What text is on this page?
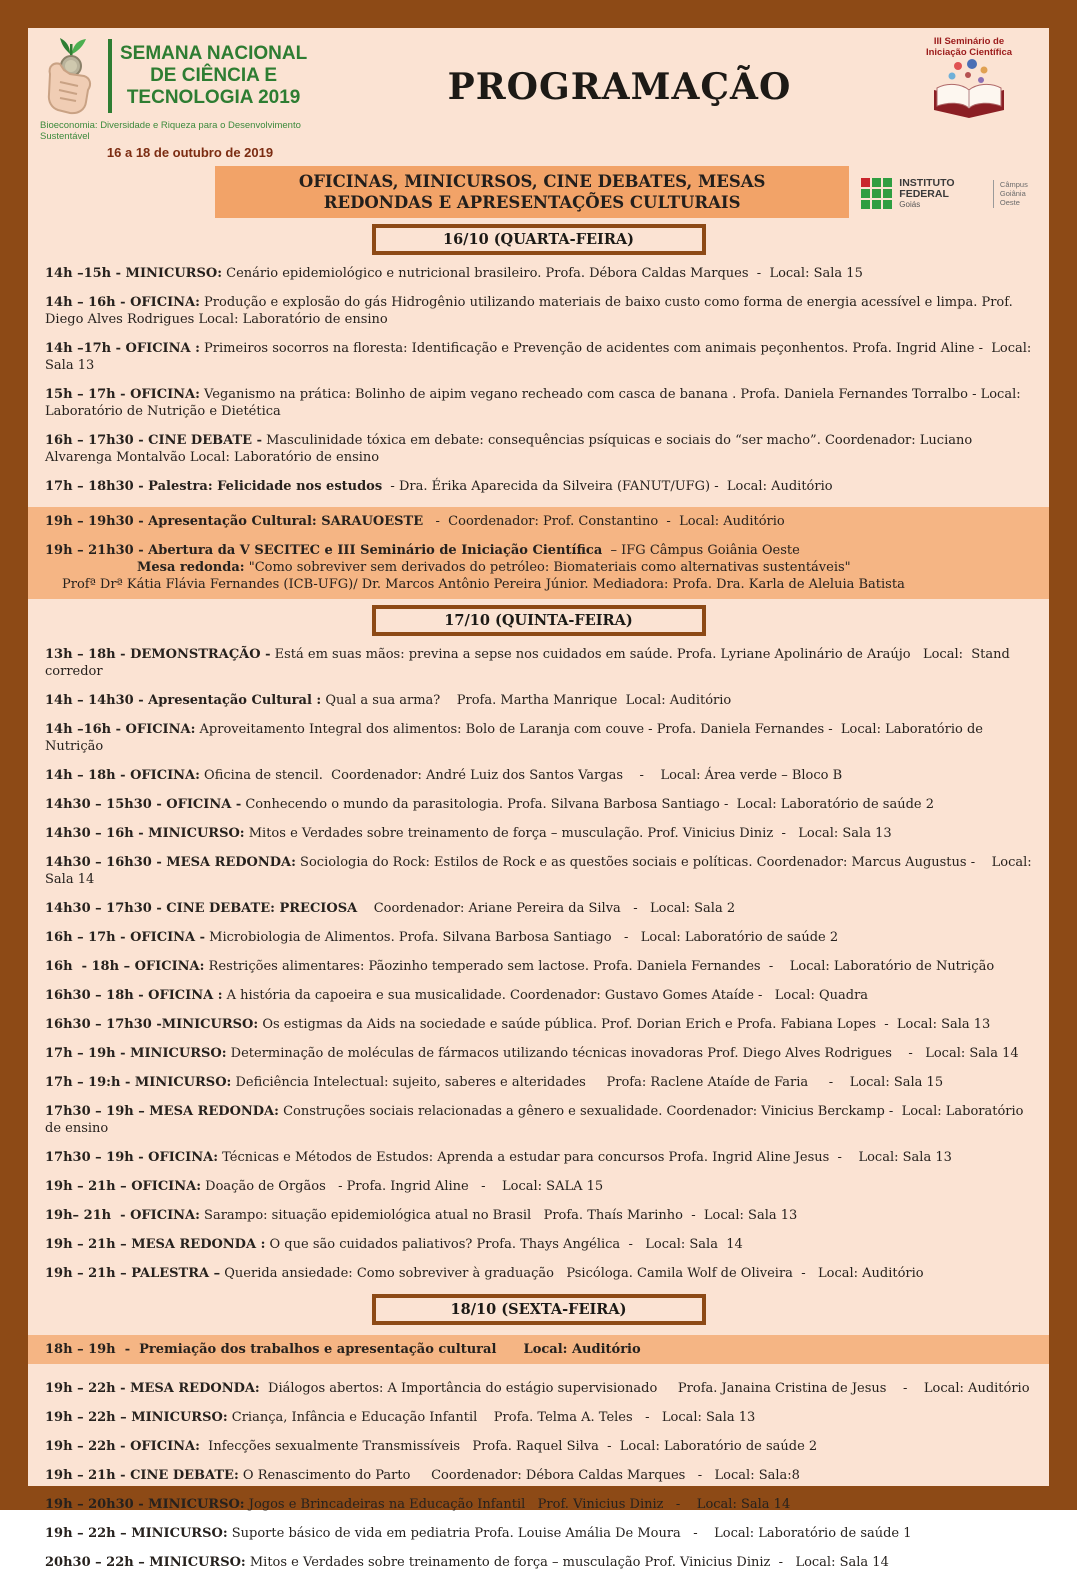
SEMANA NACIONAL
DE CIÊNCIA E
TECNOLOGIA 2019
Bioeconomia: Diversidade e Riqueza para o Desenvolvimento Sustentável
16 a 18 de outubro de 2019
PROGRAMAÇÃO
III Seminário de
Iniciação Científica
OFICINAS, MINICURSOS, CINE DEBATES, MESAS REDONDAS E APRESENTAÇÕES CULTURAIS
INSTITUTO FEDERAL
Goiás
Câmpus
Goiânia Oeste
16/10 (QUARTA-FEIRA)
14h –15h - MINICURSO: Cenário epidemiológico e nutricional brasileiro. Profa. Débora Caldas Marques  -  Local: Sala 15
14h – 16h - OFICINA: Produção e explosão do gás Hidrogênio utilizando materiais de baixo custo como forma de energia acessível e limpa. Prof. Diego Alves Rodrigues Local: Laboratório de ensino
14h –17h - OFICINA : Primeiros socorros na floresta: Identificação e Prevenção de acidentes com animais peçonhentos. Profa. Ingrid Aline -  Local: Sala 13
15h – 17h - OFICINA: Veganismo na prática: Bolinho de aipim vegano recheado com casca de banana . Profa. Daniela Fernandes Torralbo - Local: Laboratório de Nutrição e Dietética
16h – 17h30 - CINE DEBATE - Masculinidade tóxica em debate: consequências psíquicas e sociais do “ser macho”. Coordenador: Luciano Alvarenga Montalvão Local: Laboratório de ensino
17h – 18h30 - Palestra: Felicidade nos estudos  - Dra. Érika Aparecida da Silveira (FANUT/UFG) -  Local: Auditório
19h – 19h30 - Apresentação Cultural: SARAUOESTE   -  Coordenador: Prof. Constantino  -  Local: Auditório
19h – 21h30 - Abertura da V SECITEC e III Seminário de Iniciação Científica  – IFG Câmpus Goiânia Oeste
Mesa redonda: "Como sobreviver sem derivados do petróleo: Biomateriais como alternativas sustentáveis"
Profª Drª Kátia Flávia Fernandes (ICB-UFG)/ Dr. Marcos Antônio Pereira Júnior. Mediadora: Profa. Dra. Karla de Aleluia Batista
17/10 (QUINTA-FEIRA)
13h – 18h - DEMONSTRAÇÃO - Está em suas mãos: previna a sepse nos cuidados em saúde. Profa. Lyriane Apolinário de Araújo   Local:  Stand  corredor
14h – 14h30 - Apresentação Cultural : Qual a sua arma?    Profa. Martha Manrique  Local: Auditório
14h –16h - OFICINA: Aproveitamento Integral dos alimentos: Bolo de Laranja com couve - Profa. Daniela Fernandes -  Local: Laboratório de Nutrição
14h – 18h - OFICINA: Oficina de stencil.  Coordenador: André Luiz dos Santos Vargas    -    Local: Área verde – Bloco B
14h30 – 15h30 - OFICINA - Conhecendo o mundo da parasitologia. Profa. Silvana Barbosa Santiago -  Local: Laboratório de saúde 2
14h30 – 16h - MINICURSO: Mitos e Verdades sobre treinamento de força – musculação. Prof. Vinicius Diniz  -   Local: Sala 13
14h30 – 16h30 - MESA REDONDA: Sociologia do Rock: Estilos de Rock e as questões sociais e políticas. Coordenador: Marcus Augustus -    Local: Sala 14
14h30 – 17h30 - CINE DEBATE: PRECIOSA    Coordenador: Ariane Pereira da Silva   -   Local: Sala 2
16h – 17h - OFICINA - Microbiologia de Alimentos. Profa. Silvana Barbosa Santiago   -   Local: Laboratório de saúde 2
16h  - 18h – OFICINA: Restrições alimentares: Pãozinho temperado sem lactose. Profa. Daniela Fernandes  -    Local: Laboratório de Nutrição
16h30 – 18h - OFICINA : A história da capoeira e sua musicalidade. Coordenador: Gustavo Gomes Ataíde -   Local: Quadra
16h30 – 17h30 -MINICURSO: Os estigmas da Aids na sociedade e saúde pública. Prof. Dorian Erich e Profa. Fabiana Lopes  -  Local: Sala 13
17h – 19h - MINICURSO: Determinação de moléculas de fármacos utilizando técnicas inovadoras Prof. Diego Alves Rodrigues    -   Local: Sala 14
17h – 19:h - MINICURSO: Deficiência Intelectual: sujeito, saberes e alteridades     Profa: Raclene Ataíde de Faria     -    Local: Sala 15
17h30 – 19h – MESA REDONDA: Construções sociais relacionadas a gênero e sexualidade. Coordenador: Vinicius Berckamp -  Local: Laboratório de ensino
17h30 – 19h - OFICINA: Técnicas e Métodos de Estudos: Aprenda a estudar para concursos Profa. Ingrid Aline Jesus  -    Local: Sala 13
19h – 21h – OFICINA: Doação de Orgãos   - Profa. Ingrid Aline   -    Local: SALA 15
19h– 21h  - OFICINA: Sarampo: situação epidemiológica atual no Brasil   Profa. Thaís Marinho  -  Local: Sala 13
19h – 21h – MESA REDONDA : O que são cuidados paliativos? Profa. Thays Angélica  -   Local: Sala  14
19h – 21h – PALESTRA – Querida ansiedade: Como sobreviver à graduação   Psicóloga. Camila Wolf de Oliveira  -   Local: Auditório
18/10 (SEXTA-FEIRA)
18h – 19h  -  Premiação dos trabalhos e apresentação cultural      Local: Auditório
19h – 22h - MESA REDONDA:  Diálogos abertos: A Importância do estágio supervisionado     Profa. Janaina Cristina de Jesus    -    Local: Auditório
19h – 22h – MINICURSO: Criança, Infância e Educação Infantil    Profa. Telma A. Teles   -   Local: Sala 13
19h – 22h - OFICINA:  Infecções sexualmente Transmissíveis   Profa. Raquel Silva  -  Local: Laboratório de saúde 2
19h – 21h - CINE DEBATE: O Renascimento do Parto     Coordenador: Débora Caldas Marques   -   Local: Sala:8
19h – 20h30 - MINICURSO: Jogos e Brincadeiras na Educação Infantil   Prof. Vinicius Diniz   -    Local: Sala 14
19h – 22h – MINICURSO: Suporte básico de vida em pediatria Profa. Louise Amália De Moura   -    Local: Laboratório de saúde 1
20h30 – 22h – MINICURSO: Mitos e Verdades sobre treinamento de força – musculação Prof. Vinicius Diniz  -   Local: Sala 14
